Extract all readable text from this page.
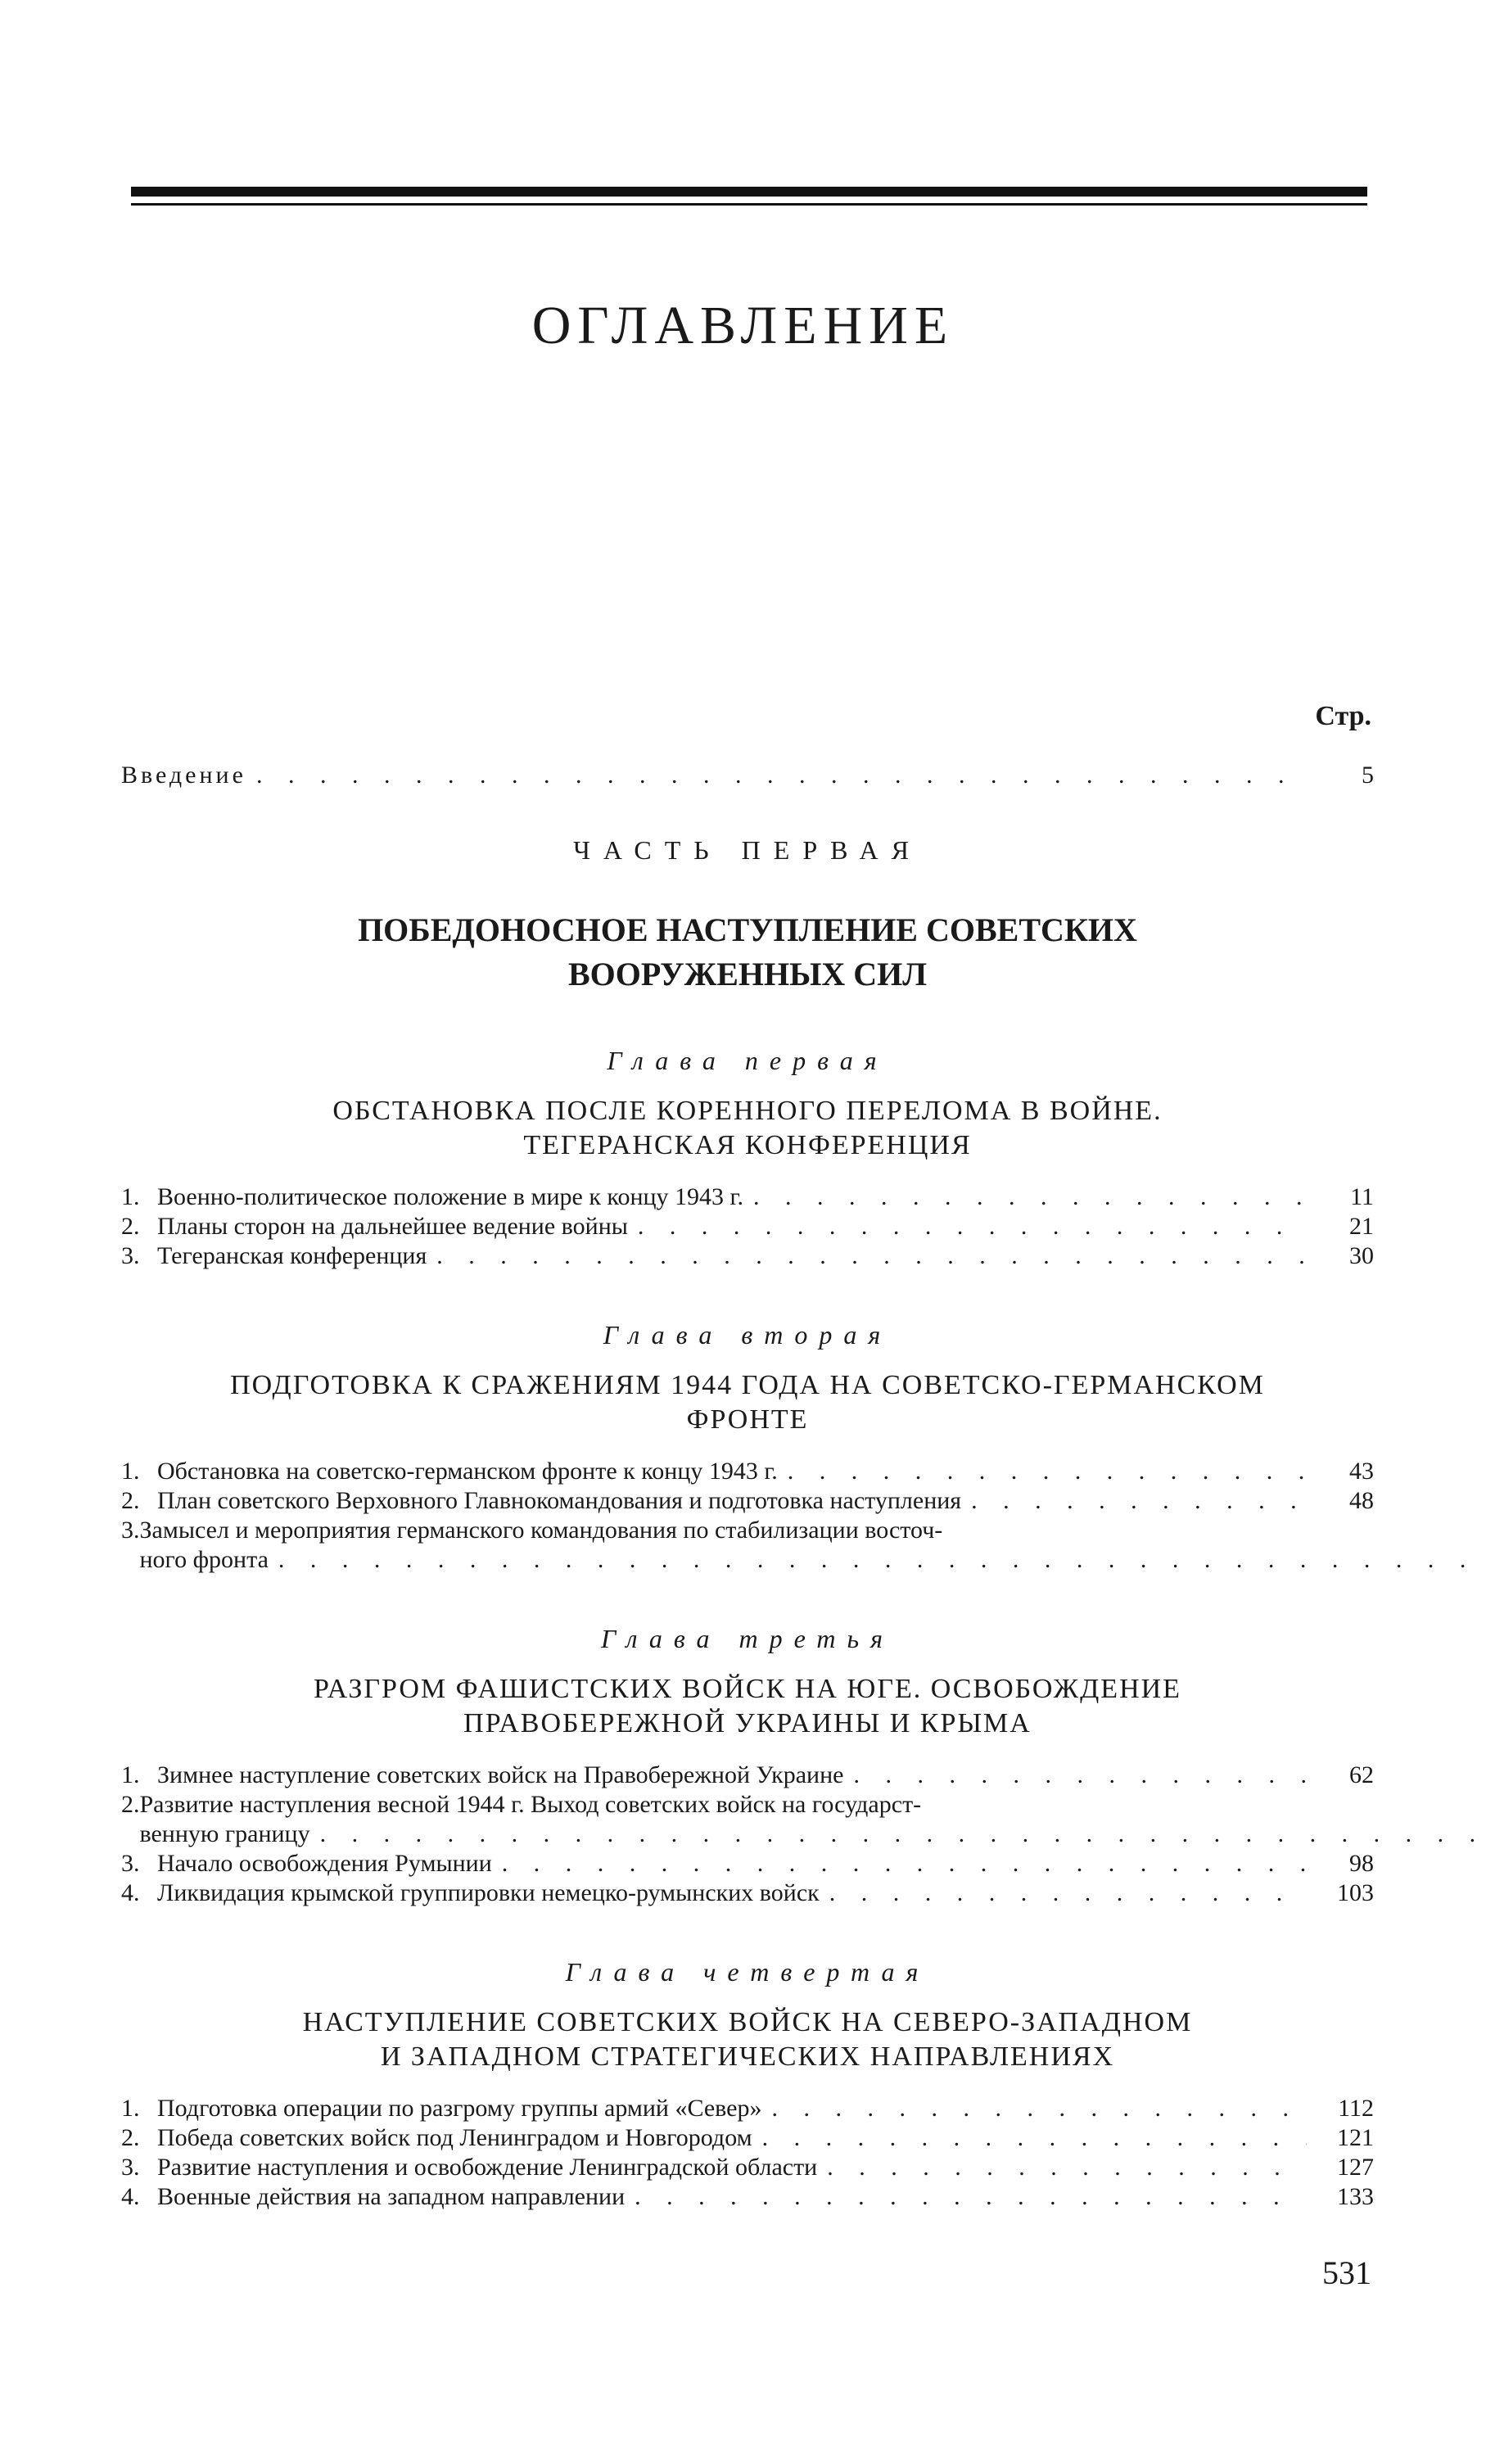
ОГЛАВЛЕНИЕ
Стр.
Введение . . .	5
ЧАСТЬ ПЕРВАЯ
ПОБЕДОНОСНОЕ НАСТУПЛЕНИЕ СОВЕТСКИХ
ВООРУЖЕННЫХ СИЛ
Глава первая
ОБСТАНОВКА ПОСЛЕ КОРЕННОГО ПЕРЕЛОМА В ВОЙНЕ.
ТЕГЕРАНСКАЯ КОНФЕРЕНЦИЯ
1. Военно-политическое положение в мире к концу 1943 г. . . .	11
2. Планы сторон на дальнейшее ведение войны . . .	21
3. Тегеранская конференция . . .	30
Глава вторая
ПОДГОТОВКА К СРАЖЕНИЯМ 1944 ГОДА НА СОВЕТСКО-ГЕРМАНСКОМ
ФРОНТЕ
1. Обстановка на советско-германском фронте к концу 1943 г. . . .	43
2. План советского Верховного Главнокомандования и подготовка наступления . . .	48
3. Замысел и мероприятия германского командования по стабилизации восточ-
ного фронта
. . .
Глава третья
РАЗГРОМ ФАШИСТСКИХ ВОЙСК НА ЮГЕ. ОСВОБОЖДЕНИЕ
ПРАВОБЕРЕЖНОЙ УКРАИНЫ И КРЫМА
1. Зимнее наступление советских войск на Правобережной Украине . . .	62
2. Развитие наступления весной 1944 г. Выход советских войск на государст-
венную границу
. . .
3. Начало освобождения Румынии . . .	98
4. Ликвидация крымской группировки немецко-румынских войск . . .	103
Глава четвертая
НАСТУПЛЕНИЕ СОВЕТСКИХ ВОЙСК НА СЕВЕРО-ЗАПАДНОМ
И ЗАПАДНОМ СТРАТЕГИЧЕСКИХ НАПРАВЛЕНИЯХ
1. Подготовка операции по разгрому группы армий «Север» . . .	112
2. Победа советских войск под Ленинградом и Новгородом . . .	121
3. Развитие наступления и освобождение Ленинградской области . . .	127
4. Военные действия на западном направлении . . .	133
531
